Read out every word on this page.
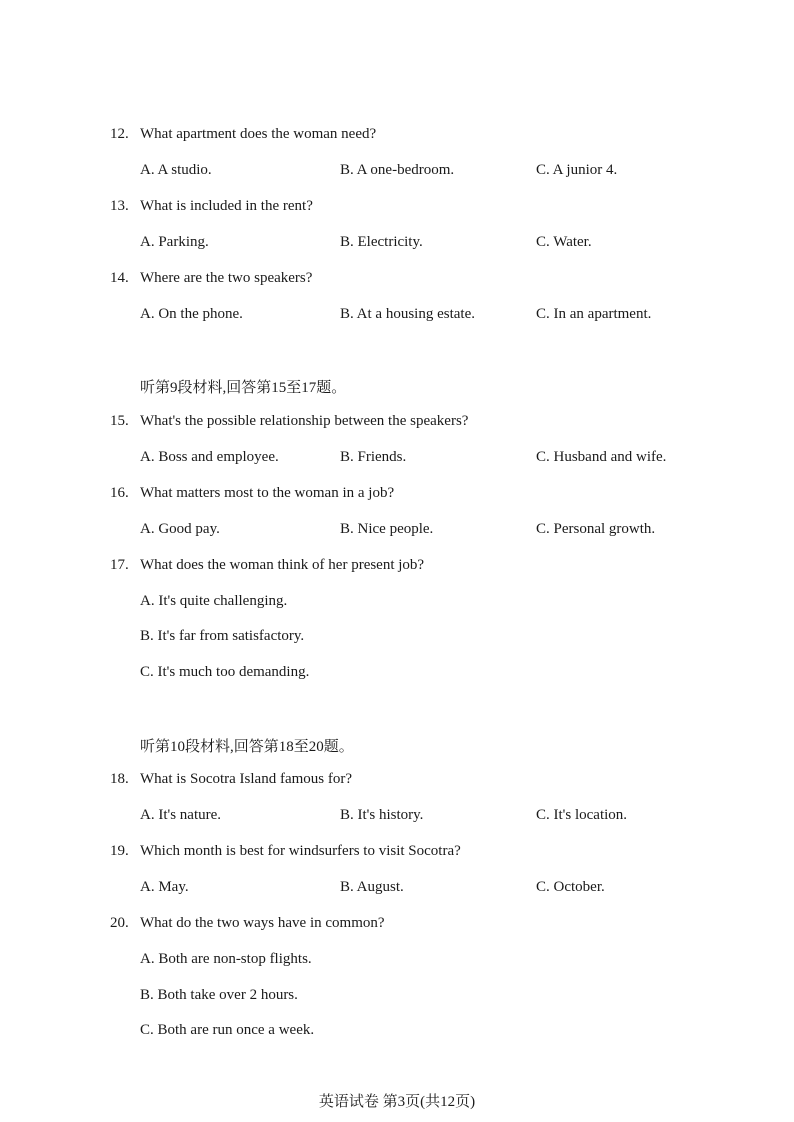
12. What apartment does the woman need?
A. A studio.	B. A one-bedroom.	C. A junior 4.
13. What is included in the rent?
A. Parking.	B. Electricity.	C. Water.
14. Where are the two speakers?
A. On the phone.	B. At a housing estate.	C. In an apartment.
听第9段材料,回答第15至17题。
15. What's the possible relationship between the speakers?
A. Boss and employee.	B. Friends.	C. Husband and wife.
16. What matters most to the woman in a job?
A. Good pay.	B. Nice people.	C. Personal growth.
17. What does the woman think of her present job?
A. It's quite challenging.
B. It's far from satisfactory.
C. It's much too demanding.
听第10段材料,回答第18至20题。
18. What is Socotra Island famous for?
A. It's nature.	B. It's history.	C. It's location.
19. Which month is best for windsurfers to visit Socotra?
A. May.	B. August.	C. October.
20. What do the two ways have in common?
A. Both are non-stop flights.
B. Both take over 2 hours.
C. Both are run once a week.
英语试卷 第3页(共12页)
